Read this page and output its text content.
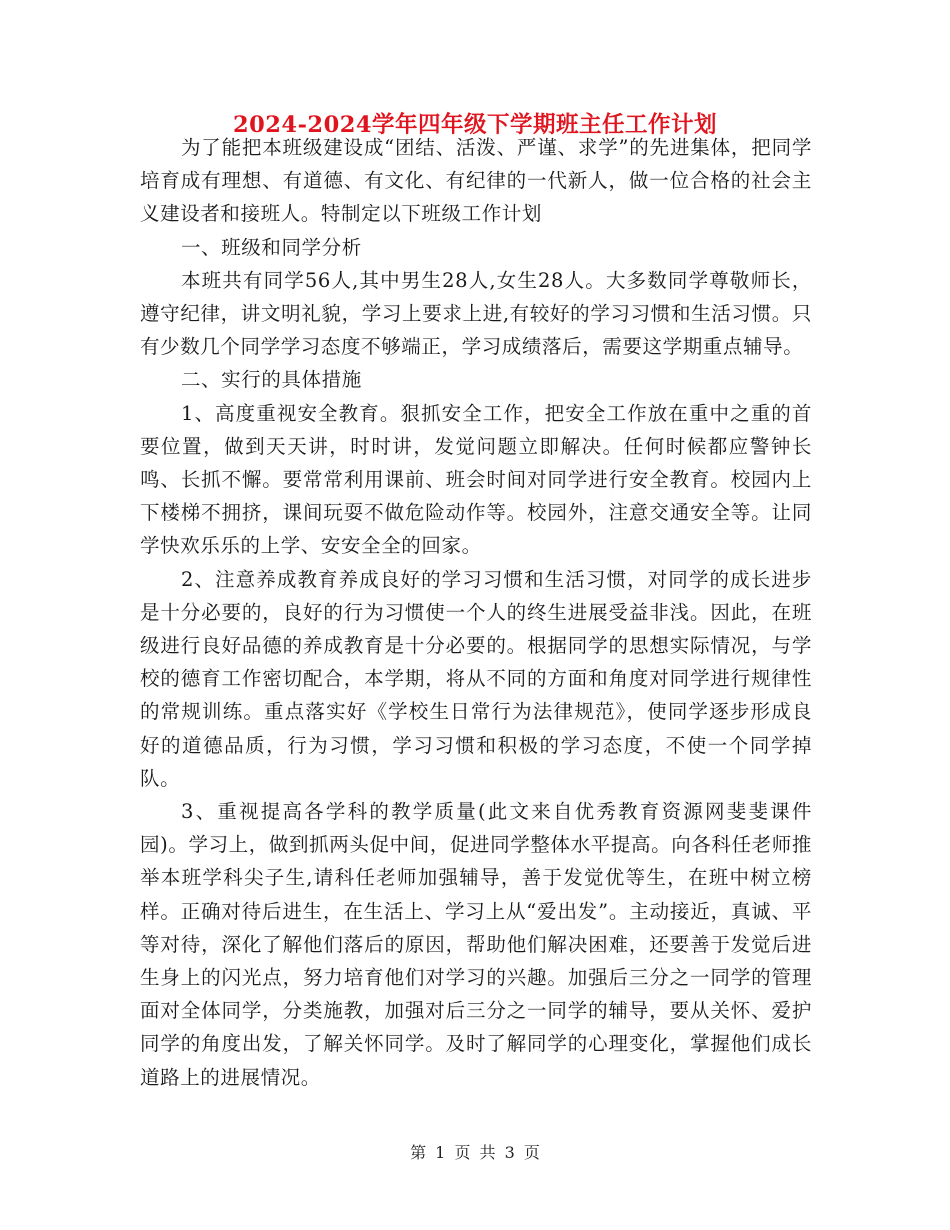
2024-2024学年四年级下学期班主任工作计划

为了能把本班级建设成“团结、活泼、严谨、求学”的先进集体，把同学培育成有理想、有道德、有文化、有纪律的一代新人，做一位合格的社会主义建设者和接班人。特制定以下班级工作计划

一、班级和同学分析

本班共有同学56人,其中男生28人,女生28人。大多数同学尊敬师长，遵守纪律，讲文明礼貌，学习上要求上进,有较好的学习习惯和生活习惯。只有少数几个同学学习态度不够端正，学习成绩落后，需要这学期重点辅导。

二、实行的具体措施

1、高度重视安全教育。狠抓安全工作，把安全工作放在重中之重的首要位置，做到天天讲，时时讲，发觉问题立即解决。任何时候都应警钟长鸣、长抓不懈。要常常利用课前、班会时间对同学进行安全教育。校园内上下楼梯不拥挤，课间玩耍不做危险动作等。校园外，注意交通安全等。让同学快欢乐乐的上学、安安全全的回家。

2、注意养成教育养成良好的学习习惯和生活习惯，对同学的成长进步是十分必要的，良好的行为习惯使一个人的终生进展受益非浅。因此，在班级进行良好品德的养成教育是十分必要的。根据同学的思想实际情况，与学校的德育工作密切配合，本学期，将从不同的方面和角度对同学进行规律性的常规训练。重点落实好《学校生日常行为法律规范》，使同学逐步形成良好的道德品质，行为习惯，学习习惯和积极的学习态度，不使一个同学掉队。

3、重视提高各学科的教学质量(此文来自优秀教育资源网斐斐课件园)。学习上，做到抓两头促中间，促进同学整体水平提高。向各科任老师推举本班学科尖子生,请科任老师加强辅导，善于发觉优等生，在班中树立榜样。正确对待后进生，在生活上、学习上从“爱出发”。主动接近，真诚、平等对待，深化了解他们落后的原因，帮助他们解决困难，还要善于发觉后进生身上的闪光点，努力培育他们对学习的兴趣。加强后三分之一同学的管理面对全体同学，分类施教，加强对后三分之一同学的辅导，要从关怀、爱护同学的角度出发，了解关怀同学。及时了解同学的心理变化，掌握他们成长道路上的进展情况。

第 1 页 共 3 页
